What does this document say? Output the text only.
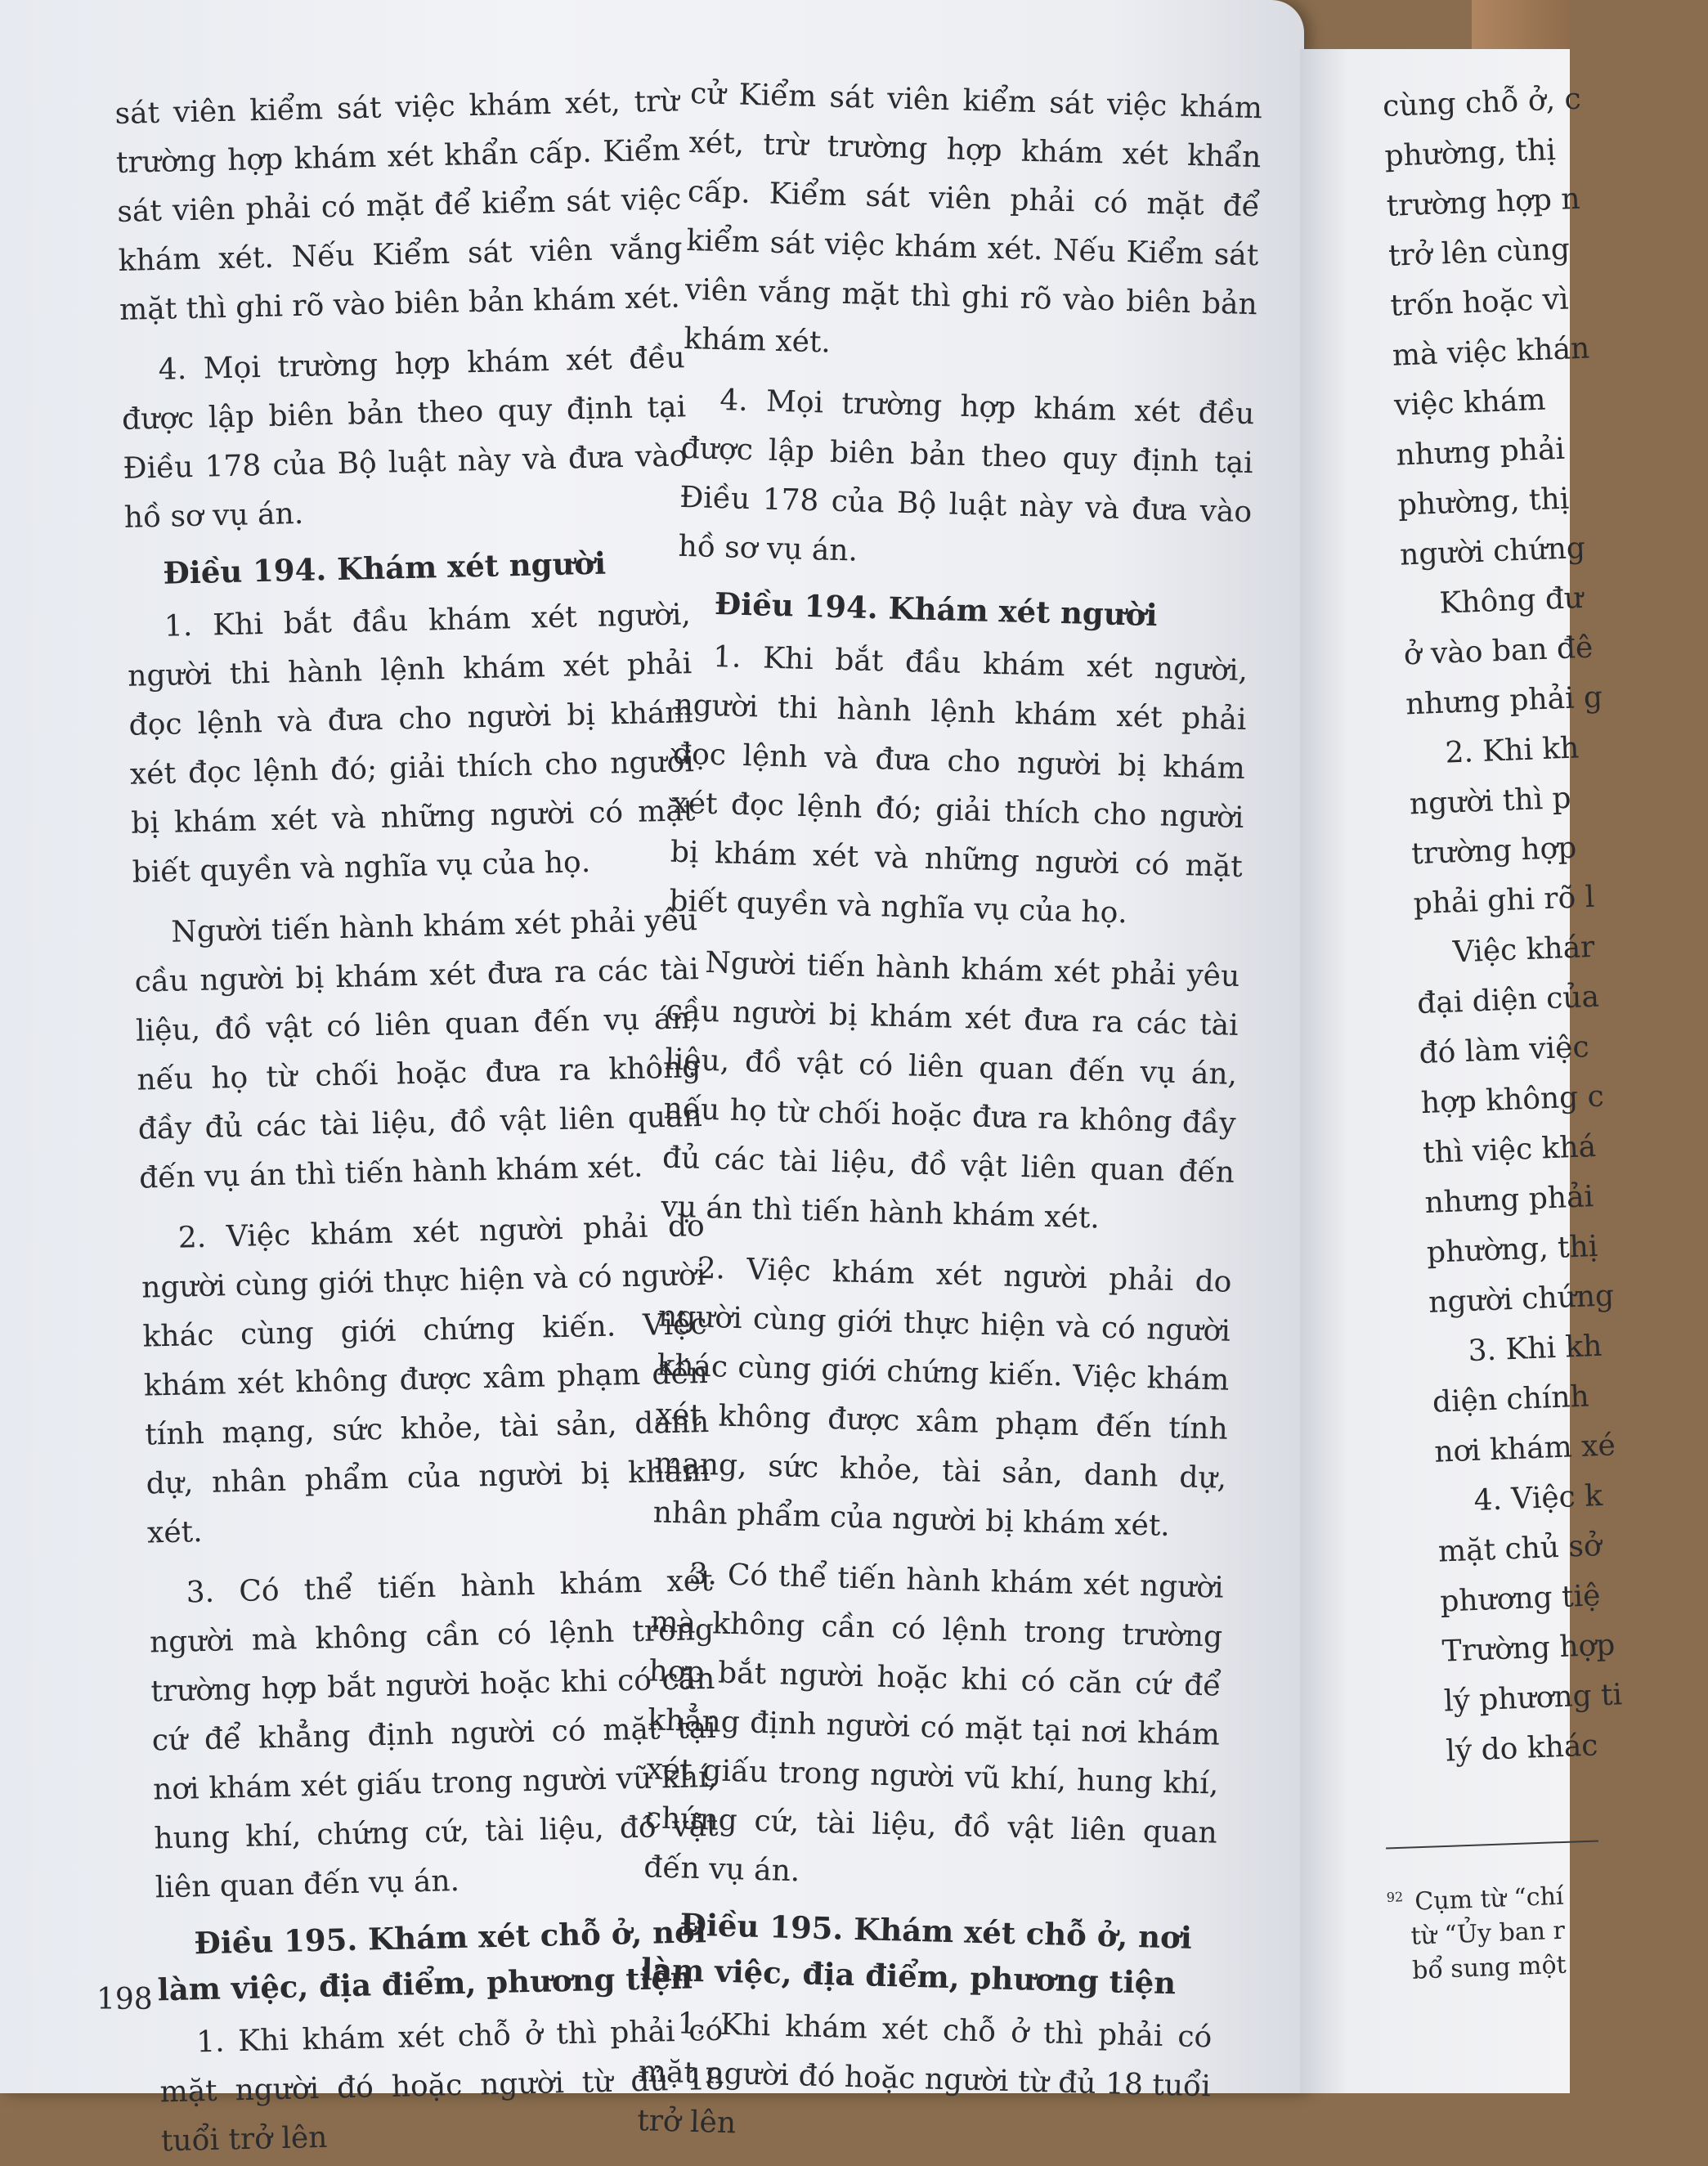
sát viên kiểm sát việc khám xét, trừ trường hợp khám xét khẩn cấp. Kiểm sát viên phải có mặt để kiểm sát việc khám xét. Nếu Kiểm sát viên vắng mặt thì ghi rõ vào biên bản khám xét.

4. Mọi trường hợp khám xét đều được lập biên bản theo quy định tại Điều 178 của Bộ luật này và đưa vào hồ sơ vụ án.

Điều 194. Khám xét người

1. Khi bắt đầu khám xét người, người thi hành lệnh khám xét phải đọc lệnh và đưa cho người bị khám xét đọc lệnh đó; giải thích cho người bị khám xét và những người có mặt biết quyền và nghĩa vụ của họ.

Người tiến hành khám xét phải yêu cầu người bị khám xét đưa ra các tài liệu, đồ vật có liên quan đến vụ án, nếu họ từ chối hoặc đưa ra không đầy đủ các tài liệu, đồ vật liên quan đến vụ án thì tiến hành khám xét.

2. Việc khám xét người phải do người cùng giới thực hiện và có người khác cùng giới chứng kiến. Việc khám xét không được xâm phạm đến tính mạng, sức khỏe, tài sản, danh dự, nhân phẩm của người bị khám xét.

3. Có thể tiến hành khám xét người mà không cần có lệnh trong trường hợp bắt người hoặc khi có căn cứ để khẳng định người có mặt tại nơi khám xét giấu trong người vũ khí, hung khí, chứng cứ, tài liệu, đồ vật liên quan đến vụ án.

Điều 195. Khám xét chỗ ở, nơi làm việc, địa điểm, phương tiện

1. Khi khám xét chỗ ở thì phải có mặt người đó hoặc người từ đủ 18 tuổi trở lên

cử Kiểm sát viên kiểm sát việc khám xét, trừ trường hợp khám xét khẩn cấp. Kiểm sát viên phải có mặt để kiểm sát việc khám xét. Nếu Kiểm sát viên vắng mặt thì ghi rõ vào biên bản khám xét.

4. Mọi trường hợp khám xét đều được lập biên bản theo quy định tại Điều 178 của Bộ luật này và đưa vào hồ sơ vụ án.

Điều 194. Khám xét người

1. Khi bắt đầu khám xét người, người thi hành lệnh khám xét phải đọc lệnh và đưa cho người bị khám xét đọc lệnh đó; giải thích cho người bị khám xét và những người có mặt biết quyền và nghĩa vụ của họ.

Người tiến hành khám xét phải yêu cầu người bị khám xét đưa ra các tài liệu, đồ vật có liên quan đến vụ án, nếu họ từ chối hoặc đưa ra không đầy đủ các tài liệu, đồ vật liên quan đến vụ án thì tiến hành khám xét.

2. Việc khám xét người phải do người cùng giới thực hiện và có người khác cùng giới chứng kiến. Việc khám xét không được xâm phạm đến tính mạng, sức khỏe, tài sản, danh dự, nhân phẩm của người bị khám xét.

3. Có thể tiến hành khám xét người mà không cần có lệnh trong trường hợp bắt người hoặc khi có căn cứ để khẳng định người có mặt tại nơi khám xét giấu trong người vũ khí, hung khí, chứng cứ, tài liệu, đồ vật liên quan đến vụ án.

Điều 195. Khám xét chỗ ở, nơi làm việc, địa điểm, phương tiện

1. Khi khám xét chỗ ở thì phải có mặt người đó hoặc người từ đủ 18 tuổi trở lên

198
cùng chỗ ở, c
phường, thị
trường hợp n
trở lên cùng
trốn hoặc vì
mà việc khán
việc khám
nhưng phải
phường, thị
người chứng
Không đư
ở vào ban đê
nhưng phải g
2. Khi kh
người thì p
trường hợp
phải ghi rõ l
Việc khár
đại diện của
đó làm việc
hợp không c
thì việc khá
nhưng phải
phường, thị
người chứng
3. Khi kh
diện chính
nơi khám xé
4. Việc k
mặt chủ sở
phương tiệ
Trường hợp
lý phương ti
lý do khác
$^{92}$ Cụm từ “chí
từ “Ủy ban r
bổ sung một
